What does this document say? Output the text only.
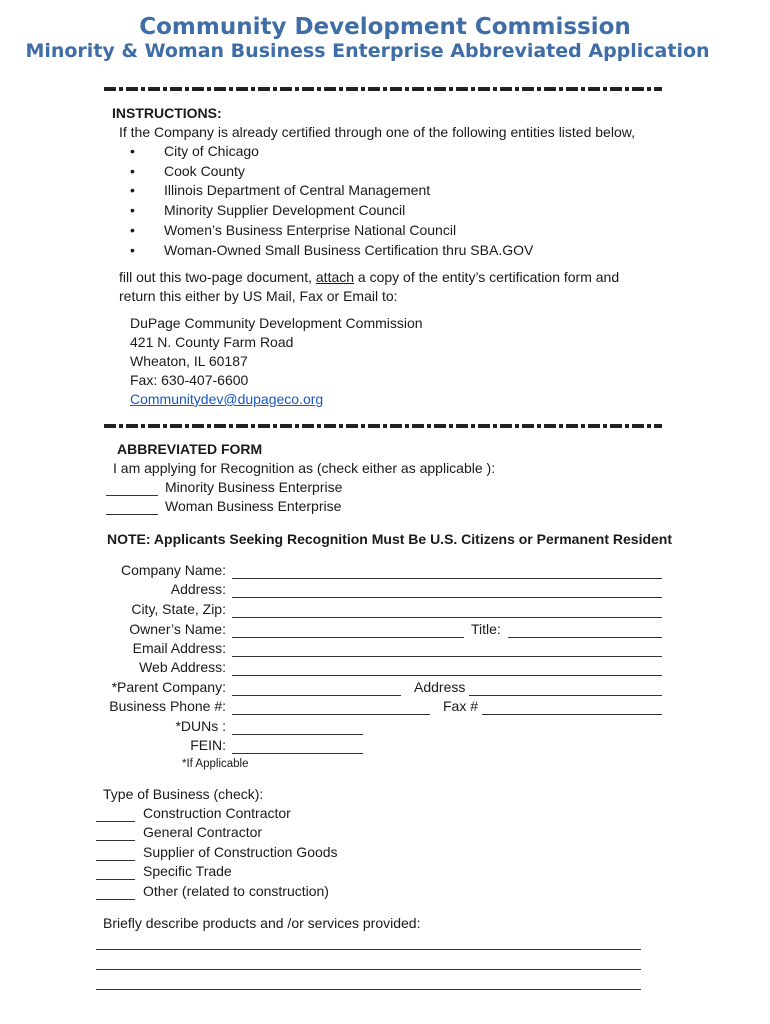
Community Development Commission
Minority & Woman Business Enterprise Abbreviated Application
INSTRUCTIONS:
If the Company is already certified through one of the following entities listed below,
• City of Chicago
• Cook County
• Illinois Department of Central Management
• Minority Supplier Development Council
• Women’s Business Enterprise National Council
• Woman-Owned Small Business Certification thru SBA.GOV
fill out this two-page document, attach a copy of the entity’s certification form and
return this either by US Mail, Fax or Email to:
DuPage Community Development Commission
421 N. County Farm Road
Wheaton, IL 60187
Fax: 630-407-6600
Communitydev@dupageco.org
ABBREVIATED FORM
I am applying for Recognition as (check either as applicable ):
Minority Business Enterprise
Woman Business Enterprise
NOTE: Applicants Seeking Recognition Must Be U.S. Citizens or Permanent Resident
Company Name:
Address:
City, State, Zip:
Owner’s Name:	Title:
Email Address:
Web Address:
*Parent Company:	Address
Business Phone #:	Fax #
*DUNs :
FEIN:
*If Applicable
Type of Business (check):
Construction Contractor
General Contractor
Supplier of Construction Goods
Specific Trade
Other (related to construction)
Briefly describe products and /or services provided:
